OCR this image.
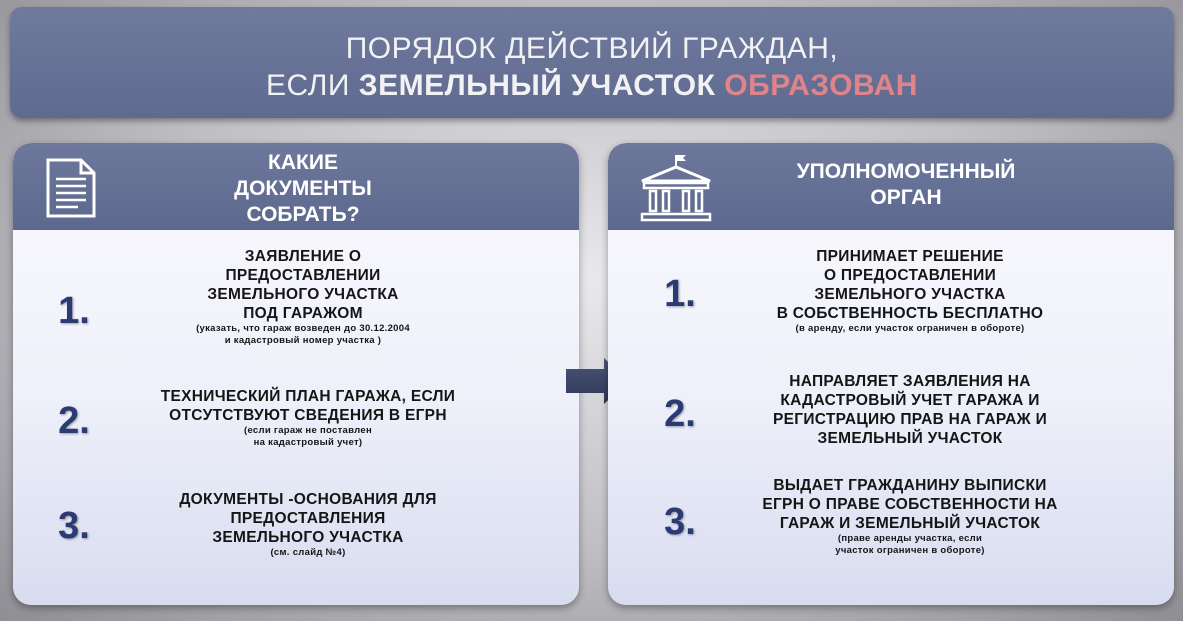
ПОРЯДОК ДЕЙСТВИЙ ГРАЖДАН,
ЕСЛИ ЗЕМЕЛЬНЫЙ УЧАСТОК ОБРАЗОВАН
КАКИЕ
ДОКУМЕНТЫ
СОБРАТЬ?
1.
ЗАЯВЛЕНИЕ О
ПРЕДОСТАВЛЕНИИ
ЗЕМЕЛЬНОГО УЧАСТКА
ПОД ГАРАЖОМ
(указать, что гараж возведен до 30.12.2004
и кадастровый номер участка )
2.
ТЕХНИЧЕСКИЙ ПЛАН ГАРАЖА, ЕСЛИ
ОТСУТСТВУЮТ СВЕДЕНИЯ В ЕГРН
(если гараж не поставлен
на кадастровый учет)
3.
ДОКУМЕНТЫ -ОСНОВАНИЯ ДЛЯ
ПРЕДОСТАВЛЕНИЯ
ЗЕМЕЛЬНОГО УЧАСТКА
(см. слайд №4)
УПОЛНОМОЧЕННЫЙ
ОРГАН
1.
ПРИНИМАЕТ РЕШЕНИЕ
О ПРЕДОСТАВЛЕНИИ
ЗЕМЕЛЬНОГО УЧАСТКА
В СОБСТВЕННОСТЬ БЕСПЛАТНО
(в аренду, если участок ограничен в обороте)
2.
НАПРАВЛЯЕТ ЗАЯВЛЕНИЯ НА
КАДАСТРОВЫЙ УЧЕТ ГАРАЖА И
РЕГИСТРАЦИЮ ПРАВ НА ГАРАЖ И
ЗЕМЕЛЬНЫЙ УЧАСТОК
3.
ВЫДАЕТ ГРАЖДАНИНУ ВЫПИСКИ
ЕГРН О ПРАВЕ СОБСТВЕННОСТИ НА
ГАРАЖ И ЗЕМЕЛЬНЫЙ УЧАСТОК
(праве аренды участка, если
участок ограничен в обороте)
